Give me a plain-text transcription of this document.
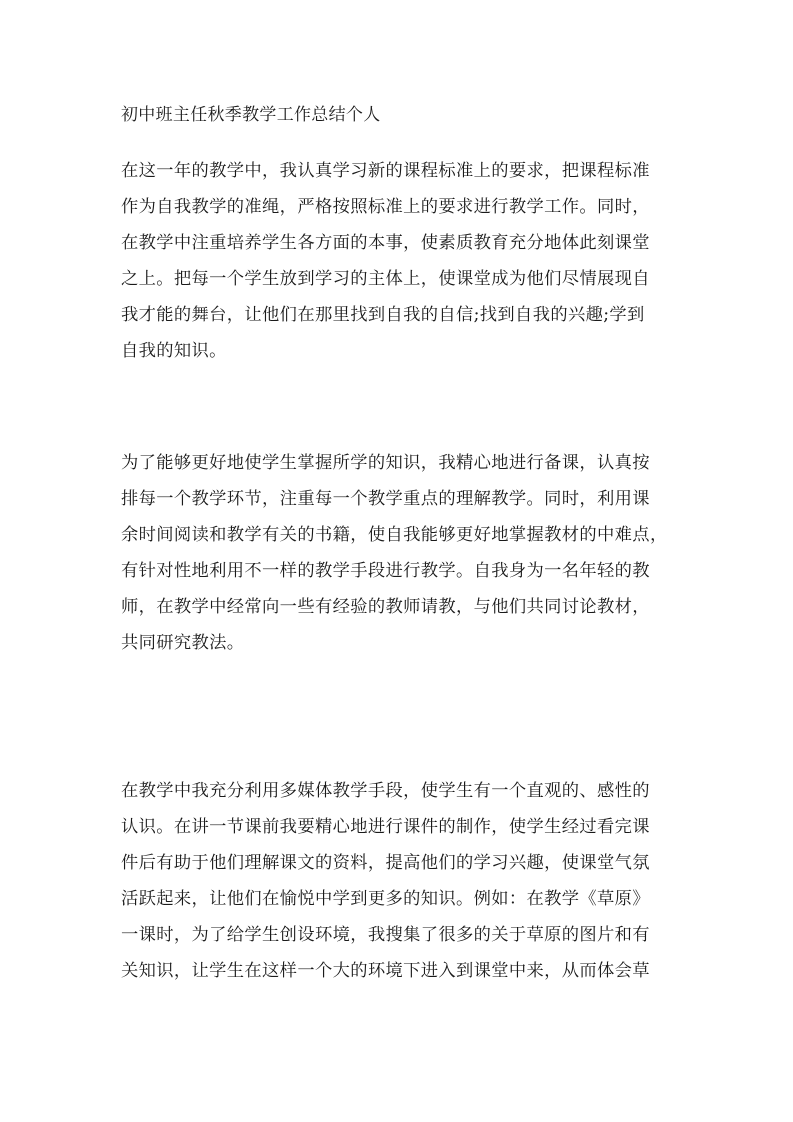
初中班主任秋季教学工作总结个人
在这一年的教学中，我认真学习新的课程标准上的要求，把课程标准
作为自我教学的准绳，严格按照标准上的要求进行教学工作。同时，
在教学中注重培养学生各方面的本事，使素质教育充分地体此刻课堂
之上。把每一个学生放到学习的主体上，使课堂成为他们尽情展现自
我才能的舞台，让他们在那里找到自我的自信;找到自我的兴趣;学到
自我的知识。
为了能够更好地使学生掌握所学的知识，我精心地进行备课，认真按
排每一个教学环节，注重每一个教学重点的理解教学。同时，利用课
余时间阅读和教学有关的书籍，使自我能够更好地掌握教材的中难点，
有针对性地利用不一样的教学手段进行教学。自我身为一名年轻的教
师，在教学中经常向一些有经验的教师请教，与他们共同讨论教材，
共同研究教法。
在教学中我充分利用多媒体教学手段，使学生有一个直观的、感性的
认识。在讲一节课前我要精心地进行课件的制作，使学生经过看完课
件后有助于他们理解课文的资料，提高他们的学习兴趣，使课堂气氛
活跃起来，让他们在愉悦中学到更多的知识。例如：在教学《草原》
一课时，为了给学生创设环境，我搜集了很多的关于草原的图片和有
关知识，让学生在这样一个大的环境下进入到课堂中来，从而体会草
